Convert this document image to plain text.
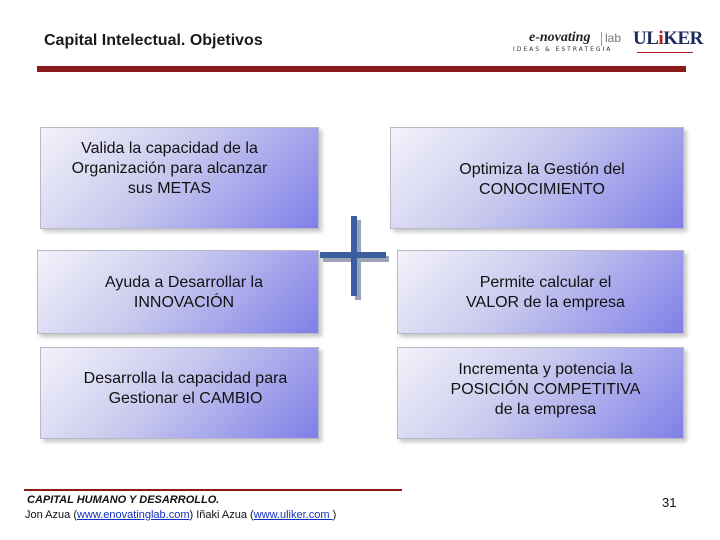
Capital Intelectual. Objetivos	e-novating lab
IDEAS & ESTRATEGIA
ULiKER
Valida la capacidad de la
Organización para alcanzar
sus METAS
Ayuda a Desarrollar la
INNOVACIÓN
Desarrolla la capacidad para
Gestionar el CAMBIO
Optimiza la Gestión del
CONOCIMIENTO
Permite calcular el
VALOR de la empresa
Incrementa y potencia la
POSICIÓN COMPETITIVA
de la empresa
CAPITAL HUMANO Y DESARROLLO.
Jon Azua (www.enovatinglab.com) Iñaki Azua (www.uliker.com )
31
